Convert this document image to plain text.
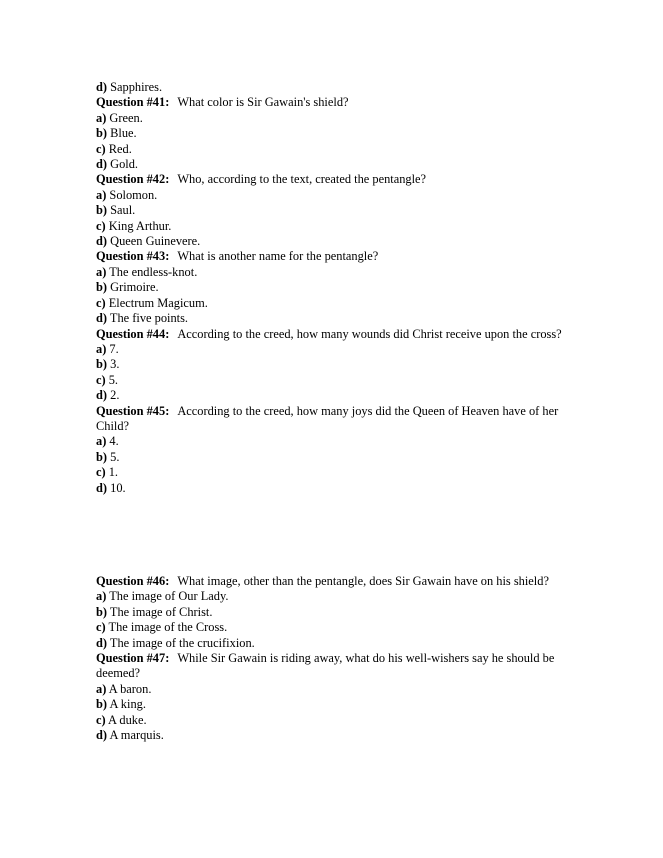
d) Sapphires.

Question #41: What color is Sir Gawain's shield?

a) Green.

b) Blue.

c) Red.

d) Gold.

Question #42: Who, according to the text, created the pentangle?

a) Solomon.

b) Saul.

c) King Arthur.

d) Queen Guinevere.

Question #43: What is another name for the pentangle?

a) The endless-knot.

b) Grimoire.

c) Electrum Magicum.

d) The five points.

Question #44: According to the creed, how many wounds did Christ receive upon the cross?

a) 7.

b) 3.

c) 5.

d) 2.

Question #45: According to the creed, how many joys did the Queen of Heaven have of her Child?

a) 4.

b) 5.

c) 1.

d) 10.

Question #46: What image, other than the pentangle, does Sir Gawain have on his shield?

a) The image of Our Lady.

b) The image of Christ.

c) The image of the Cross.

d) The image of the crucifixion.

Question #47: While Sir Gawain is riding away, what do his well-wishers say he should be deemed?

a) A baron.

b) A king.

c) A duke.

d) A marquis.
